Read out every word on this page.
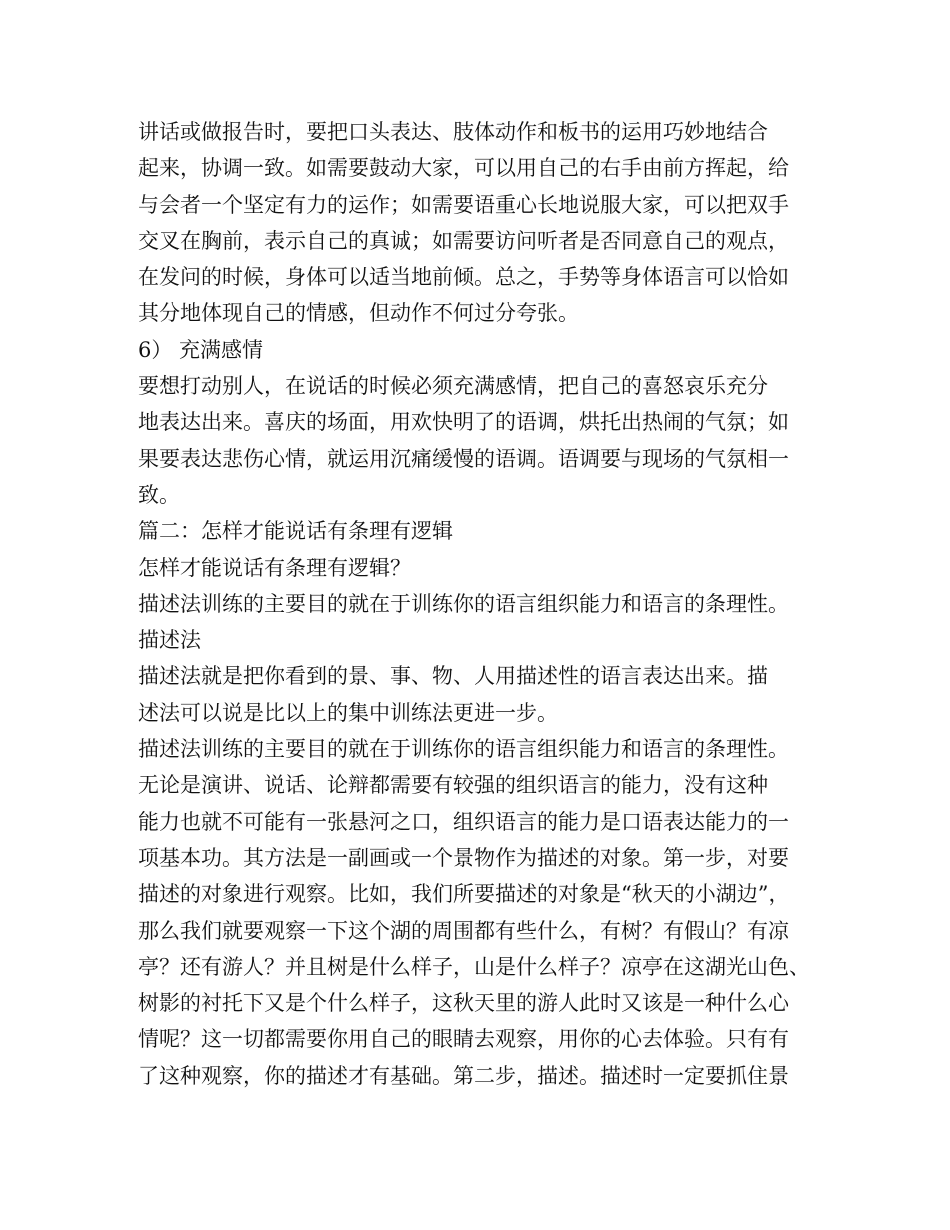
讲话或做报告时，要把口头表达、肢体动作和板书的运用巧妙地结合
起来，协调一致。如需要鼓动大家，可以用自己的右手由前方挥起，给
与会者一个坚定有力的运作；如需要语重心长地说服大家，可以把双手
交叉在胸前，表示自己的真诚；如需要访问听者是否同意自己的观点，
在发问的时候，身体可以适当地前倾。总之，手势等身体语言可以恰如
其分地体现自己的情感，但动作不何过分夸张。
6） 充满感情
要想打动别人，在说话的时候必须充满感情，把自己的喜怒哀乐充分
地表达出来。喜庆的场面，用欢快明了的语调，烘托出热闹的气氛；如
果要表达悲伤心情，就运用沉痛缓慢的语调。语调要与现场的气氛相一
致。
篇二：怎样才能说话有条理有逻辑
怎样才能说话有条理有逻辑？
描述法训练的主要目的就在于训练你的语言组织能力和语言的条理性。
描述法
描述法就是把你看到的景、事、物、人用描述性的语言表达出来。描
述法可以说是比以上的集中训练法更进一步。
描述法训练的主要目的就在于训练你的语言组织能力和语言的条理性。
无论是演讲、说话、论辩都需要有较强的组织语言的能力，没有这种
能力也就不可能有一张悬河之口，组织语言的能力是口语表达能力的一
项基本功。其方法是一副画或一个景物作为描述的对象。第一步，对要
描述的对象进行观察。比如，我们所要描述的对象是“秋天的小湖边”，
那么我们就要观察一下这个湖的周围都有些什么，有树？有假山？有凉
亭？还有游人？并且树是什么样子，山是什么样子？凉亭在这湖光山色、
树影的衬托下又是个什么样子，这秋天里的游人此时又该是一种什么心
情呢？这一切都需要你用自己的眼睛去观察，用你的心去体验。只有有
了这种观察，你的描述才有基础。第二步，描述。描述时一定要抓住景
